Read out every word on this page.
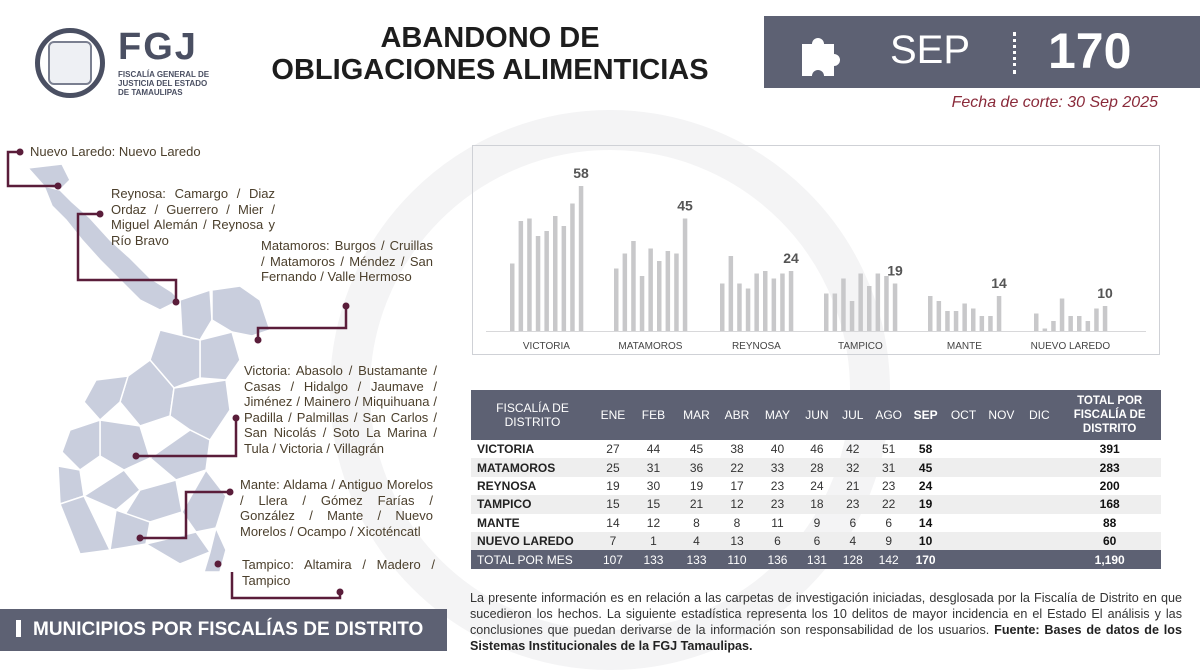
FGJ
FISCALÍA GENERAL DE
JUSTICIA DEL ESTADO
DE TAMAULIPAS
ABANDONO DE
OBLIGACIONES ALIMENTICIAS	SEP 170
Fecha de corte: 30 Sep 2025
Nuevo Laredo: Nuevo Laredo
Reynosa: Camargo / Diaz Ordaz / Guerrero / Mier / Miguel Alemán / Reynosa y Río Bravo	Matamoros: Burgos / Cruillas / Matamoros / Méndez / San Fernando / Valle Hermoso
Victoria: Abasolo / Bustamante / Casas / Hidalgo / Jaumave / Jiménez / Mainero / Miquihuana / Padilla / Palmillas / San Carlos / San Nicolás / Soto La Marina / Tula / Victoria / Villagrán
Mante: Aldama / Antiguo Morelos / Llera / Gómez Farías / González / Mante / Nuevo Morelos / Ocampo / Xicoténcatl
Tampico: Altamira / Madero / Tampico
MUNICIPIOS POR FISCALÍAS DE DISTRITO
58
VICTORIA
45
MATAMOROS
24
REYNOSA
19
TAMPICO
14
MANTE
10
NUEVO LAREDO
FISCALÍA DE DISTRITO	ENE	FEB	MAR	ABR	MAY	JUN	JUL	AGO	SEP	OCT	NOV	DIC	TOTAL POR FISCALÍA DE DISTRITO
VICTORIA	27	44	45	38	40	46	42	51	58				391
MATAMOROS	25	31	36	22	33	28	32	31	45				283
REYNOSA	19	30	19	17	23	24	21	23	24				200
TAMPICO	15	15	21	12	23	18	23	22	19				168
MANTE	14	12	8	8	11	9	6	6	14				88
NUEVO LAREDO	7	1	4	13	6	6	4	9	10				60
TOTAL POR MES	107	133	133	110	136	131	128	142	170				1,190
La presente información es en relación a las carpetas de investigación iniciadas, desglosada por la Fiscalía de Distrito en que sucedieron los hechos. La siguiente estadística representa los 10 delitos de mayor incidencia en el Estado El análisis y las conclusiones que puedan derivarse de la información son responsabilidad de los usuarios. Fuente: Bases de datos de los Sistemas Institucionales de la FGJ Tamaulipas.
